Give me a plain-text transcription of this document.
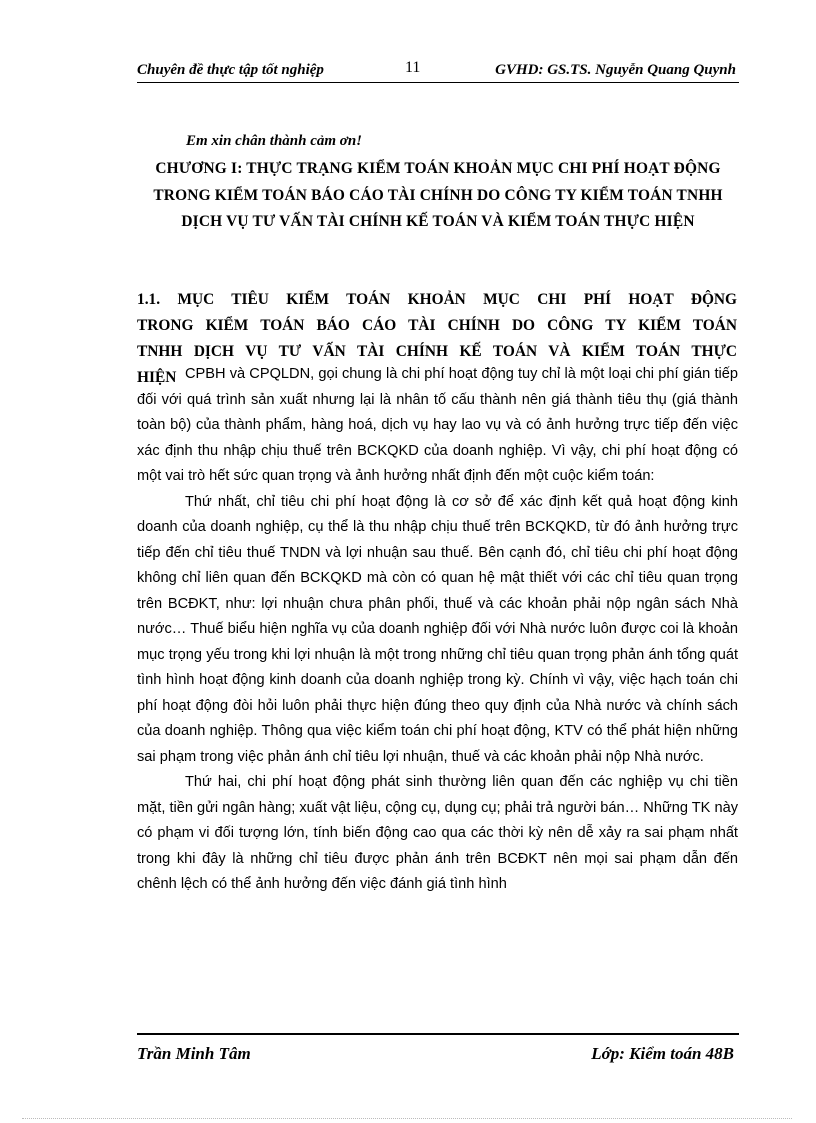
Chuyên đề thực tập tốt nghiệp	11	GVHD: GS.TS. Nguyễn Quang Quynh
Em xin chân thành cảm ơn!
CHƯƠNG I: THỰC TRẠNG KIỂM TOÁN KHOẢN MỤC CHI PHÍ HOẠT ĐỘNG TRONG KIỂM TOÁN BÁO CÁO TÀI CHÍNH DO CÔNG TY KIỂM TOÁN TNHH DỊCH VỤ TƯ VẤN TÀI CHÍNH KẾ TOÁN VÀ KIỂM TOÁN THỰC HIỆN
1.1. MỤC TIÊU KIỂM TOÁN KHOẢN MỤC CHI PHÍ HOẠT ĐỘNG
TRONG KIỂM TOÁN BÁO CÁO TÀI CHÍNH DO CÔNG TY KIỂM TOÁN
TNHH DỊCH VỤ TƯ VẤN TÀI CHÍNH KẾ TOÁN VÀ KIỂM TOÁN THỰC
HIỆN CPBH và CPQLDN, gọi chung là chi phí hoạt động tuy chỉ là một loại chi phí gián tiếp đối với quá trình sản xuất nhưng lại là nhân tố cấu thành nên giá thành tiêu thụ (giá thành toàn bộ) của thành phẩm, hàng hoá, dịch vụ hay lao vụ và có ảnh hưởng trực tiếp đến việc xác định thu nhập chịu thuế trên BCKQKD của doanh nghiệp. Vì vậy, chi phí hoạt động có một vai trò hết sức quan trọng và ảnh hưởng nhất định đến một cuộc kiểm toán:

Thứ nhất, chỉ tiêu chi phí hoạt động là cơ sở để xác định kết quả hoạt động kinh doanh của doanh nghiệp, cụ thể là thu nhập chịu thuế trên BCKQKD, từ đó ảnh hưởng trực tiếp đến chỉ tiêu thuế TNDN và lợi nhuận sau thuế. Bên cạnh đó, chỉ tiêu chi phí hoạt động không chỉ liên quan đến BCKQKD mà còn có quan hệ mật thiết với các chỉ tiêu quan trọng trên BCĐKT, như: lợi nhuận chưa phân phối, thuế và các khoản phải nộp ngân sách Nhà nước… Thuế biểu hiện nghĩa vụ của doanh nghiệp đối với Nhà nước luôn được coi là khoản mục trọng yếu trong khi lợi nhuận là một trong những chỉ tiêu quan trọng phản ánh tổng quát tình hình hoạt động kinh doanh của doanh nghiệp trong kỳ. Chính vì vậy, việc hạch toán chi phí hoạt động đòi hỏi luôn phải thực hiện đúng theo quy định của Nhà nước và chính sách của doanh nghiệp. Thông qua việc kiểm toán chi phí hoạt động, KTV có thể phát hiện những sai phạm trong việc phản ánh chỉ tiêu lợi nhuận, thuế và các khoản phải nộp Nhà nước.

Thứ hai, chi phí hoạt động phát sinh thường liên quan đến các nghiệp vụ chi tiền mặt, tiền gửi ngân hàng; xuất vật liệu, cộng cụ, dụng cụ; phải trả người bán… Những TK này có phạm vi đối tượng lớn, tính biến động cao qua các thời kỳ nên dễ xảy ra sai phạm nhất trong khi đây là những chỉ tiêu được phản ánh trên BCĐKT nên mọi sai phạm dẫn đến chênh lệch có thể ảnh hưởng đến việc đánh giá tình hình

Trần Minh Tâm	Lớp: Kiểm toán 48B
